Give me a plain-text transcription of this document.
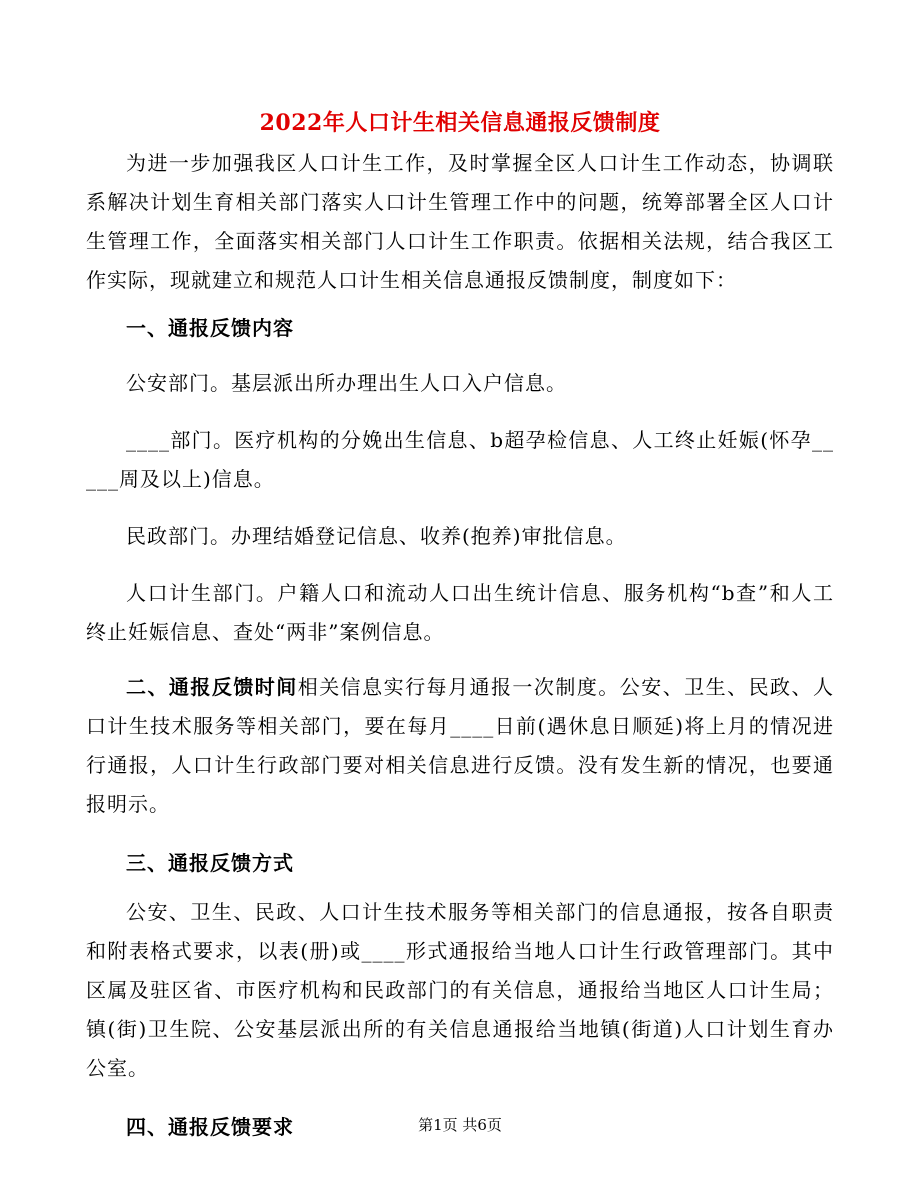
2022年人口计生相关信息通报反馈制度

为进一步加强我区人口计生工作，及时掌握全区人口计生工作动态，协调联系解决计划生育相关部门落实人口计生管理工作中的问题，统筹部署全区人口计生管理工作，全面落实相关部门人口计生工作职责。依据相关法规，结合我区工作实际，现就建立和规范人口计生相关信息通报反馈制度，制度如下：

一、通报反馈内容

公安部门。基层派出所办理出生人口入户信息。

____部门。医疗机构的分娩出生信息、b超孕检信息、人工终止妊娠(怀孕_____周及以上)信息。

民政部门。办理结婚登记信息、收养(抱养)审批信息。

人口计生部门。户籍人口和流动人口出生统计信息、服务机构“b查”和人工终止妊娠信息、查处“两非”案例信息。

二、通报反馈时间相关信息实行每月通报一次制度。公安、卫生、民政、人口计生技术服务等相关部门，要在每月____日前(遇休息日顺延)将上月的情况进行通报，人口计生行政部门要对相关信息进行反馈。没有发生新的情况，也要通报明示。

三、通报反馈方式

公安、卫生、民政、人口计生技术服务等相关部门的信息通报，按各自职责和附表格式要求，以表(册)或____形式通报给当地人口计生行政管理部门。其中区属及驻区省、市医疗机构和民政部门的有关信息，通报给当地区人口计生局；镇(街)卫生院、公安基层派出所的有关信息通报给当地镇(街道)人口计划生育办公室。

四、通报反馈要求	第1页 共6页
